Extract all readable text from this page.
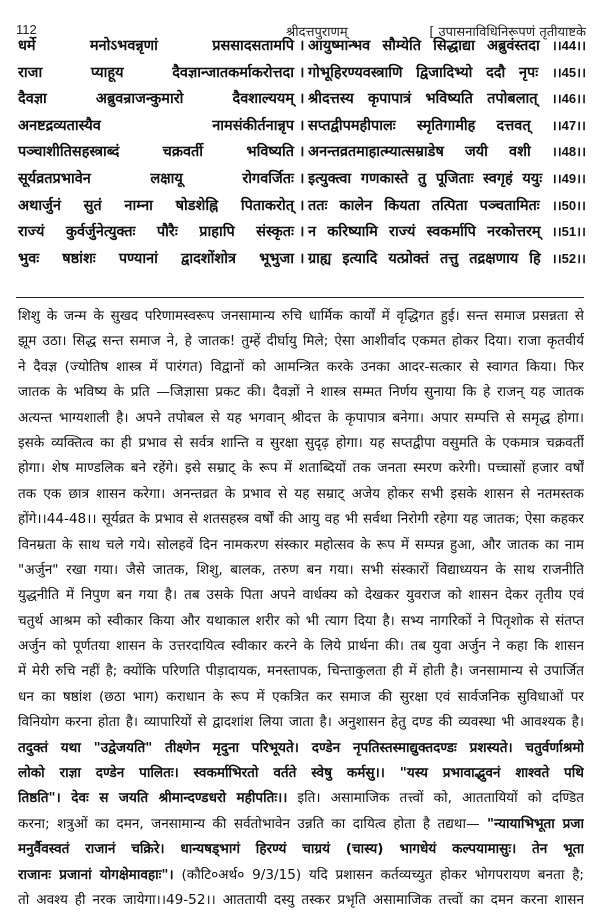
112	श्रीदत्तपुराणम्	[ उपासनाविधिनिरूपणं तृतीयाष्टके
धर्मे	मनोऽभवन्नृणां	प्रससादसतामपि । आयुष्मान्भव सौम्येति सिद्धाद्या अब्रुवंस्तदा ।।44।।
राजा	प्याहूय	दैवज्ञान्जातकर्माकरोत्तदा । गोभूहिरण्यवस्त्राणि द्विजादिभ्यो ददौ नृपः ।।45।।
दैवज्ञा	अब्रुवन्राजन्कुमारो	दैवशाल्ययम् । श्रीदत्तस्य कृपापात्रं भविष्यति तपोबलात् ।।46।।
अनष्टद्रव्यतास्यैव	नामसंकीर्तनान्नृप । सप्तद्वीपमहीपालः स्मृतिगामीह दत्तवत् ।।47।।
पञ्चाशीतिसहस्त्राब्दं	चक्रवर्ती	भविष्यति । अनन्तव्रतमाहात्म्यात्सम्राडेष जयी वशी ।।48।।
सूर्यव्रतप्रभावेन	लक्षायू	रोगवर्जितः । इत्युक्त्वा गणकास्ते तु पूजिताः स्वगृहं ययुः ।।49।।
अथार्जुनं सुतं नाम्ना षोडशेह्नि पिताकरोत् । ततः कालेन कियता तत्पिता पञ्चतामितः ।।50।।
राज्यं कुर्वर्जुनेत्युक्तः पौरैः प्राहापि संस्कृतः । न करिष्यामि राज्यं स्वकर्मापि नरकोत्तरम् ।।51।।
भुवः षष्ठांशः पण्यानां द्वादशोंशोत्र भूभुजा । ग्राह्य इत्यादि यत्प्रोक्तं तत्तु तद्रक्षणाय हि ।।52।।
शिशु के जन्म के सुखद परिणामस्वरूप जनसामान्य रुचि धार्मिक कार्यों में वृद्धिगत हुई। सन्त समाज प्रसन्नता से
झूम उठा। सिद्ध सन्त समाज ने, हे जातक! तुम्हें दीर्घायु मिले; ऐसा आशीर्वाद एकमत होकर दिया। राजा कृतवीर्य
ने दैवज्ञ (ज्योतिष शास्त्र में पारंगत) विद्वानों को आमन्त्रित करके उनका आदर-सत्कार से स्वागत किया। फिर
जातक के भविष्य के प्रति —जिज्ञासा प्रकट की। दैवज्ञों ने शास्त्र सम्मत निर्णय सुनाया कि हे राजन् यह जातक
अत्यन्त भाग्यशाली है। अपने तपोबल से यह भगवान् श्रीदत्त के कृपापात्र बनेगा। अपार सम्पत्ति से समृद्ध होगा।
इसके व्यक्तित्व का ही प्रभाव से सर्वत्र शान्ति व सुरक्षा सुदृढ़ होगा। यह सप्तद्वीपा वसुमति के एकमात्र चक्रवर्ती
होगा। शेष माण्डलिक बने रहेंगे। इसे सम्राट् के रूप में शताब्दियों तक जनता स्मरण करेगी। पच्चासों हजार वर्षों
तक एक छात्र शासन करेगा। अनन्तव्रत के प्रभाव से यह सम्राट् अजेय होकर सभी इसके शासन से नतमस्तक
होंगे।।44-48।। सूर्यव्रत के प्रभाव से शतसहस्त्र वर्षों की आयु वह भी सर्वथा निरोगी रहेगा यह जातक; ऐसा कहकर
विनम्रता के साथ चले गये। सोलहवें दिन नामकरण संस्कार महोत्सव के रूप में सम्पन्न हुआ, और जातक का नाम
"अर्जुन" रखा गया। जैसे जातक, शिशु, बालक, तरुण बन गया। सभी संस्कारों विद्याध्ययन के साथ राजनीति
युद्धनीति में निपुण बन गया है। तब उसके पिता अपने वार्धक्य को देखकर युवराज को शासन देकर तृतीय एवं
चतुर्थ आश्रम को स्वीकार किया और यथाकाल शरीर को भी त्याग दिया है। सभ्य नागरिकों ने पितृशोक से संतप्त
अर्जुन को पूर्णतया शासन के उत्तरदायित्व स्वीकार करने के लिये प्रार्थना की। तब युवा अर्जुन ने कहा कि शासन
में मेरी रुचि नहीं है; क्योंकि परिणति पीड़ादायक, मनस्तापक, चिन्ताकुलता ही में होती है। जनसामान्य से उपार्जित
धन का षष्ठांश (छठा भाग) कराधान के रूप में एकत्रित कर समाज की सुरक्षा एवं सार्वजनिक सुविधाओं पर
विनियोग करना होता है। व्यापारियों से द्वादशांश लिया जाता है। अनुशासन हेतु दण्ड की व्यवस्था भी आवश्यक है।
तदुक्तं यथा "उद्वेजयति" तीक्ष्णेन मृदुना परिभूयते। दण्डेन नृपतिस्तस्माद्युक्तदण्डः प्रशस्यते। चतुर्वर्णाश्रमो
लोको राज्ञा दण्डेन पालितः। स्वकर्माभिरतो वर्तते स्वेषु कर्मसु।। "यस्य प्रभावाद्भुवनं शाश्वते पथि
तिष्ठति"। देवः स जयति श्रीमान्दण्डधरो महीपतिः।। इति। असामाजिक तत्त्वों को, आततायियों को दण्डित
करना; शत्रुओं का दमन, जनसामान्य की सर्वतोभावेन उन्नति का दायित्व होता है तद्यथा— "न्यायाभिभूता प्रजा
मनुर्वैवस्वतं राजानं चक्रिरे। धान्यषड्भागं हिरण्यं चाग्रयं (चास्य) भागधेयं कल्पयामासुः। तेन भूता
राजानः प्रजानां योगक्षेमावहाः"। (कौटि०अर्थ० 9/3/15) यदि प्रशासन कर्तव्यच्युत होकर भोगपरायण बनता है;
तो अवश्य ही नरक जायेगा।।49-52।। आततायी दस्यु तस्कर प्रभृति असामाजिक तत्त्वों का दमन करना शासन
